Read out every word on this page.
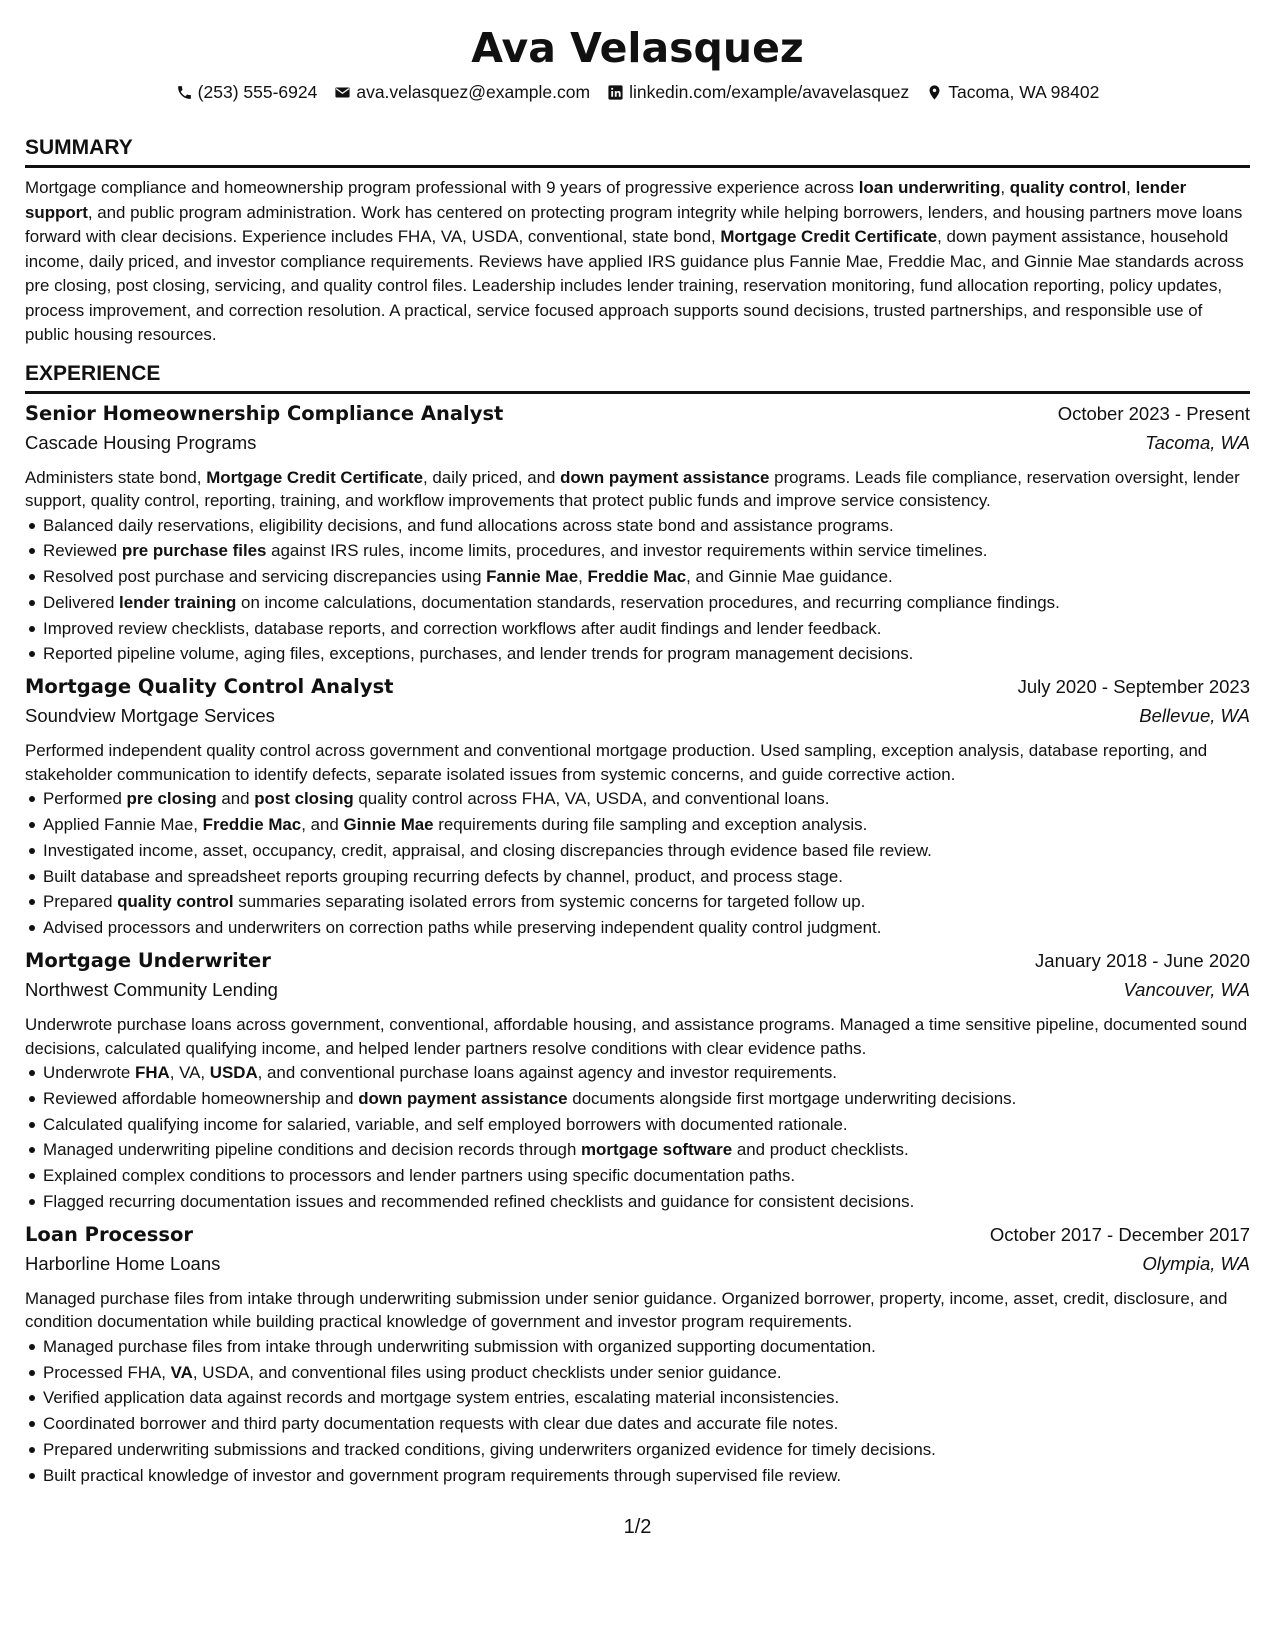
Ava Velasquez
(253) 555-6924 ava.velasquez@example.com linkedin.com/example/avavelasquez Tacoma, WA 98402
SUMMARY
Mortgage compliance and homeownership program professional with 9 years of progressive experience across loan underwriting, quality control, lender support, and public program administration. Work has centered on protecting program integrity while helping borrowers, lenders, and housing partners move loans forward with clear decisions. Experience includes FHA, VA, USDA, conventional, state bond, Mortgage Credit Certificate, down payment assistance, household income, daily priced, and investor compliance requirements. Reviews have applied IRS guidance plus Fannie Mae, Freddie Mac, and Ginnie Mae standards across pre closing, post closing, servicing, and quality control files. Leadership includes lender training, reservation monitoring, fund allocation reporting, policy updates, process improvement, and correction resolution. A practical, service focused approach supports sound decisions, trusted partnerships, and responsible use of public housing resources.
EXPERIENCE
Senior Homeownership Compliance Analyst	October 2023 - Present
Cascade Housing Programs	Tacoma, WA
Administers state bond, Mortgage Credit Certificate, daily priced, and down payment assistance programs. Leads file compliance, reservation oversight, lender support, quality control, reporting, training, and workflow improvements that protect public funds and improve service consistency.
Balanced daily reservations, eligibility decisions, and fund allocations across state bond and assistance programs.
Reviewed pre purchase files against IRS rules, income limits, procedures, and investor requirements within service timelines.
Resolved post purchase and servicing discrepancies using Fannie Mae, Freddie Mac, and Ginnie Mae guidance.
Delivered lender training on income calculations, documentation standards, reservation procedures, and recurring compliance findings.
Improved review checklists, database reports, and correction workflows after audit findings and lender feedback.
Reported pipeline volume, aging files, exceptions, purchases, and lender trends for program management decisions.
Mortgage Quality Control Analyst	July 2020 - September 2023
Soundview Mortgage Services	Bellevue, WA
Performed independent quality control across government and conventional mortgage production. Used sampling, exception analysis, database reporting, and stakeholder communication to identify defects, separate isolated issues from systemic concerns, and guide corrective action.
Performed pre closing and post closing quality control across FHA, VA, USDA, and conventional loans.
Applied Fannie Mae, Freddie Mac, and Ginnie Mae requirements during file sampling and exception analysis.
Investigated income, asset, occupancy, credit, appraisal, and closing discrepancies through evidence based file review.
Built database and spreadsheet reports grouping recurring defects by channel, product, and process stage.
Prepared quality control summaries separating isolated errors from systemic concerns for targeted follow up.
Advised processors and underwriters on correction paths while preserving independent quality control judgment.
Mortgage Underwriter	January 2018 - June 2020
Northwest Community Lending	Vancouver, WA
Underwrote purchase loans across government, conventional, affordable housing, and assistance programs. Managed a time sensitive pipeline, documented sound decisions, calculated qualifying income, and helped lender partners resolve conditions with clear evidence paths.
Underwrote FHA, VA, USDA, and conventional purchase loans against agency and investor requirements.
Reviewed affordable homeownership and down payment assistance documents alongside first mortgage underwriting decisions.
Calculated qualifying income for salaried, variable, and self employed borrowers with documented rationale.
Managed underwriting pipeline conditions and decision records through mortgage software and product checklists.
Explained complex conditions to processors and lender partners using specific documentation paths.
Flagged recurring documentation issues and recommended refined checklists and guidance for consistent decisions.
Loan Processor	October 2017 - December 2017
Harborline Home Loans	Olympia, WA
Managed purchase files from intake through underwriting submission under senior guidance. Organized borrower, property, income, asset, credit, disclosure, and condition documentation while building practical knowledge of government and investor program requirements.
Managed purchase files from intake through underwriting submission with organized supporting documentation.
Processed FHA, VA, USDA, and conventional files using product checklists under senior guidance.
Verified application data against records and mortgage system entries, escalating material inconsistencies.
Coordinated borrower and third party documentation requests with clear due dates and accurate file notes.
Prepared underwriting submissions and tracked conditions, giving underwriters organized evidence for timely decisions.
Built practical knowledge of investor and government program requirements through supervised file review.
1/2
